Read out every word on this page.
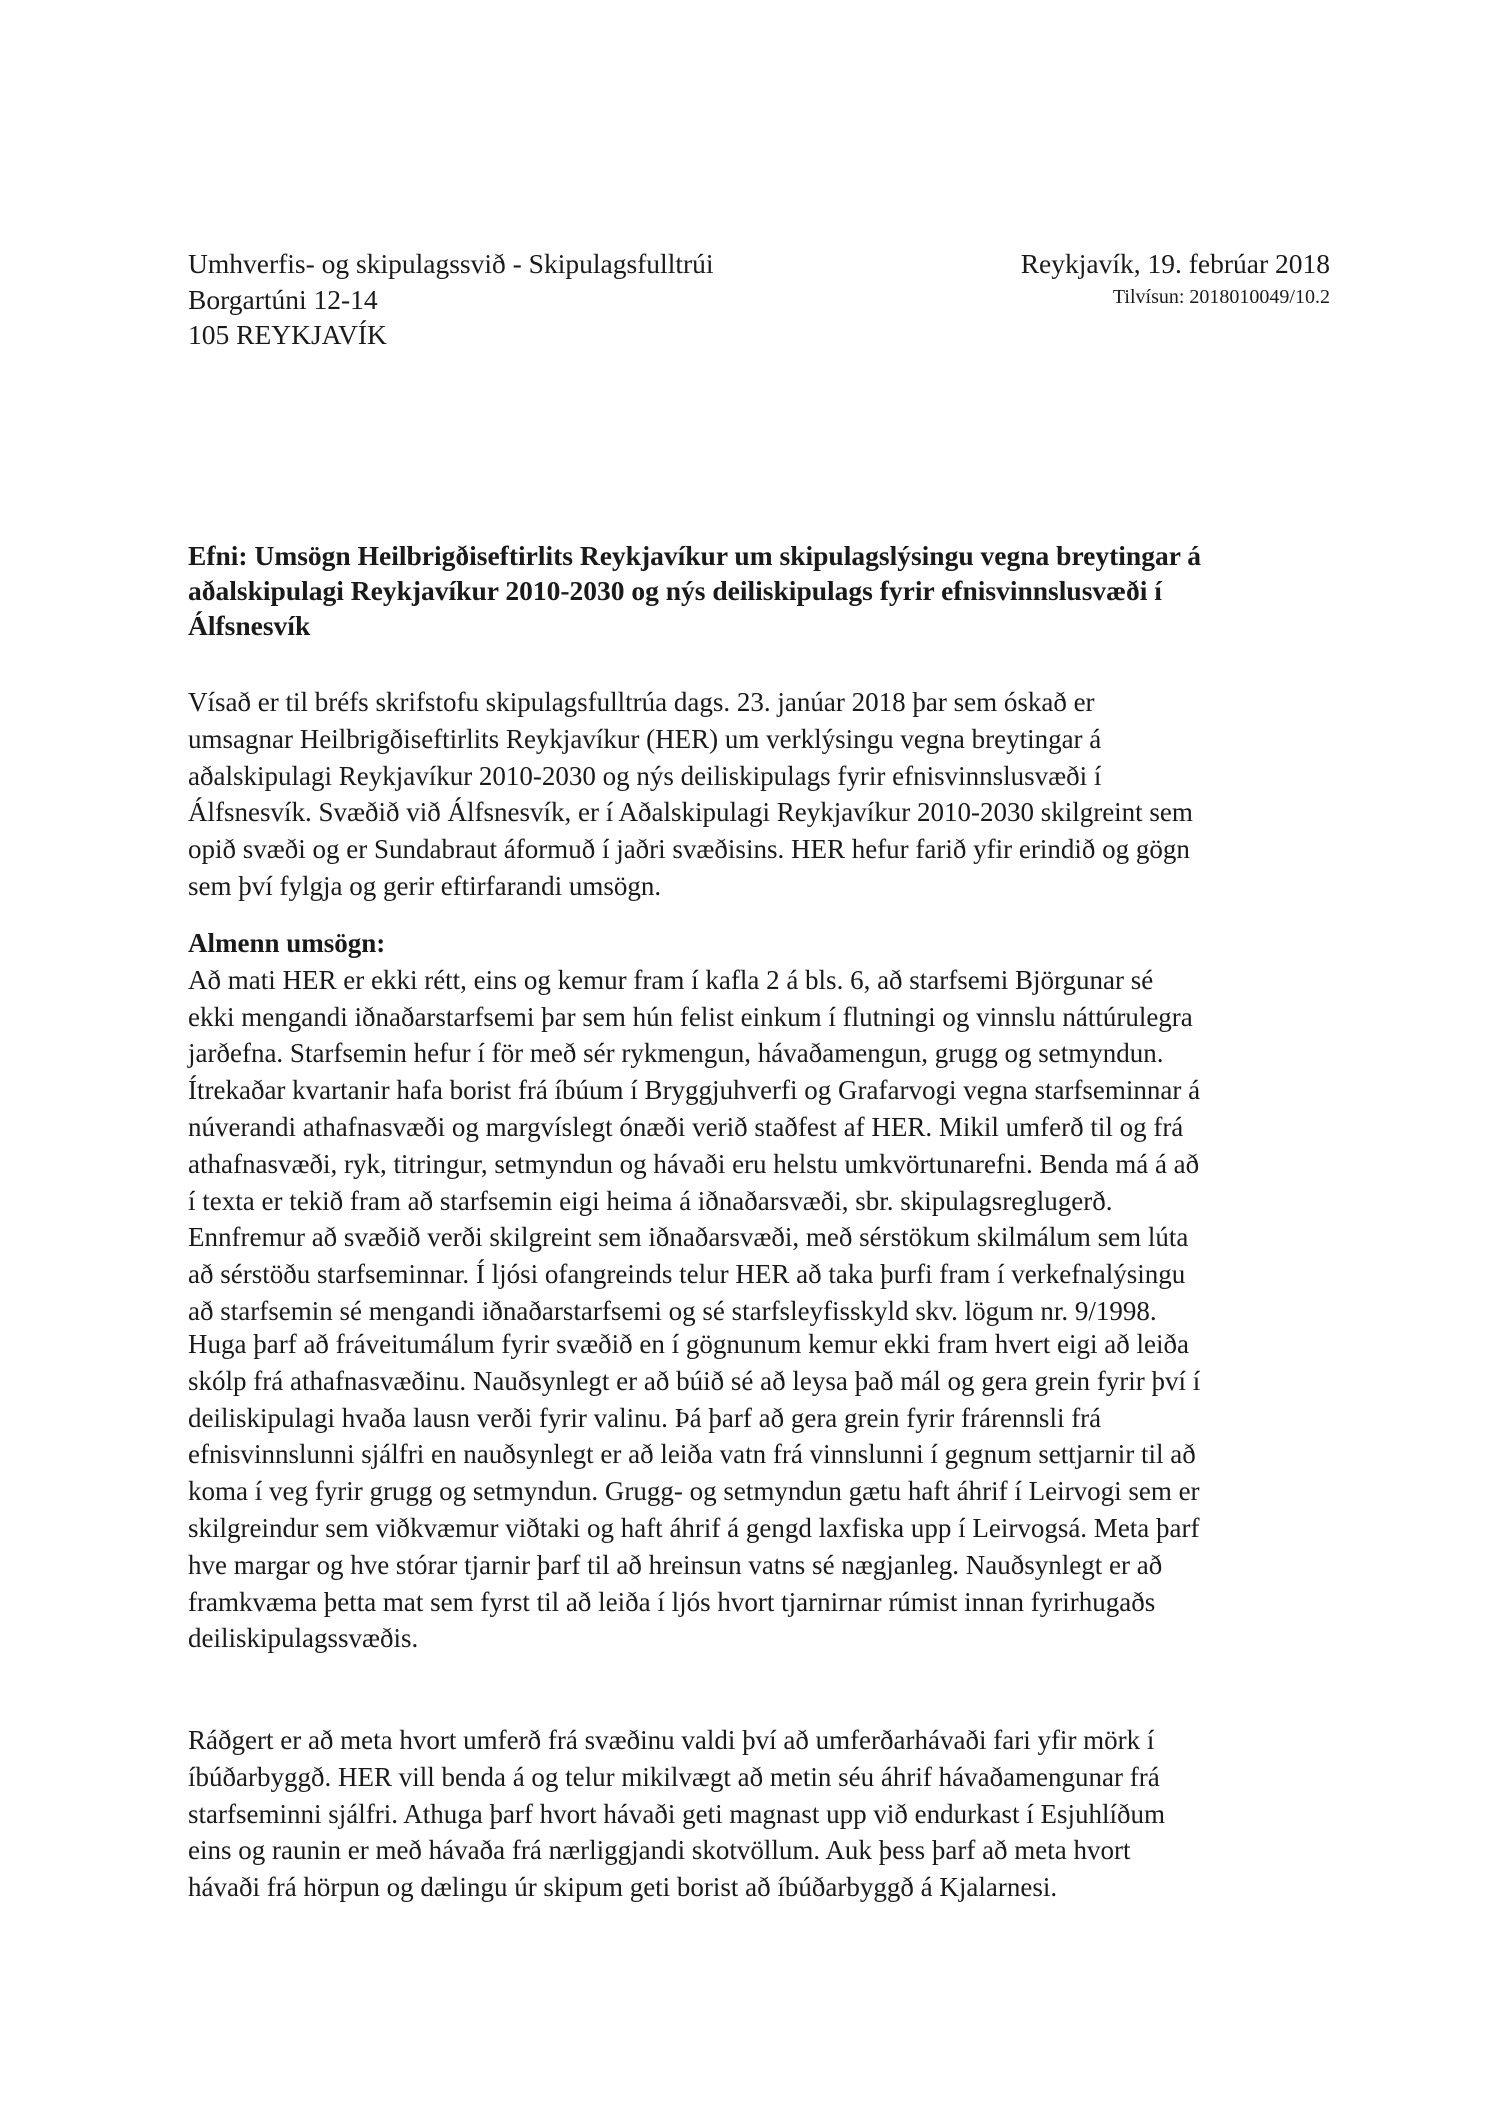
Umhverfis- og skipulagssvið - Skipulagsfulltrúi
Borgartúni 12-14
105 REYKJAVÍK
Reykjavík, 19. febrúar 2018
Tilvísun: 2018010049/10.2
Efni: Umsögn Heilbrigðiseftirlits Reykjavíkur um skipulagslýsingu vegna breytingar á
aðalskipulagi Reykjavíkur 2010-2030 og nýs deiliskipulags fyrir efnisvinnslusvæði í
Álfsnesvík
Vísað er til bréfs skrifstofu skipulagsfulltrúa dags. 23. janúar 2018 þar sem óskað er
umsagnar Heilbrigðiseftirlits Reykjavíkur (HER) um verklýsingu vegna breytingar á
aðalskipulagi Reykjavíkur 2010-2030 og nýs deiliskipulags fyrir efnisvinnslusvæði í
Álfsnesvík. Svæðið við Álfsnesvík, er í Aðalskipulagi Reykjavíkur 2010-2030 skilgreint sem
opið svæði og er Sundabraut áformuð í jaðri svæðisins. HER hefur farið yfir erindið og gögn
sem því fylgja og gerir eftirfarandi umsögn.
Almenn umsögn:
Að mati HER er ekki rétt, eins og kemur fram í kafla 2 á bls. 6, að starfsemi Björgunar sé
ekki mengandi iðnaðarstarfsemi þar sem hún felist einkum í flutningi og vinnslu náttúrulegra
jarðefna. Starfsemin hefur í för með sér rykmengun, hávaðamengun, grugg og setmyndun.
Ítrekaðar kvartanir hafa borist frá íbúum í Bryggjuhverfi og Grafarvogi vegna starfseminnar á
núverandi athafnasvæði og margvíslegt ónæði verið staðfest af HER. Mikil umferð til og frá
athafnasvæði, ryk, titringur, setmyndun og hávaði eru helstu umkvörtunarefni. Benda má á að
í texta er tekið fram að starfsemin eigi heima á iðnaðarsvæði, sbr. skipulagsreglugerð.
Ennfremur að svæðið verði skilgreint sem iðnaðarsvæði, með sérstökum skilmálum sem lúta
að sérstöðu starfseminnar. Í ljósi ofangreinds telur HER að taka þurfi fram í verkefnalýsingu
að starfsemin sé mengandi iðnaðarstarfsemi og sé starfsleyfisskyld skv. lögum nr. 9/1998.
Huga þarf að fráveitumálum fyrir svæðið en í gögnunum kemur ekki fram hvert eigi að leiða
skólp frá athafnasvæðinu. Nauðsynlegt er að búið sé að leysa það mál og gera grein fyrir því í
deiliskipulagi hvaða lausn verði fyrir valinu. Þá þarf að gera grein fyrir frárennsli frá
efnisvinnslunni sjálfri en nauðsynlegt er að leiða vatn frá vinnslunni í gegnum settjarnir til að
koma í veg fyrir grugg og setmyndun. Grugg- og setmyndun gætu haft áhrif í Leirvogi sem er
skilgreindur sem viðkvæmur viðtaki og haft áhrif á gengd laxfiska upp í Leirvogsá. Meta þarf
hve margar og hve stórar tjarnir þarf til að hreinsun vatns sé nægjanleg. Nauðsynlegt er að
framkvæma þetta mat sem fyrst til að leiða í ljós hvort tjarnirnar rúmist innan fyrirhugaðs
deiliskipulagssvæðis.
Ráðgert er að meta hvort umferð frá svæðinu valdi því að umferðarhávaði fari yfir mörk í
íbúðarbyggð. HER vill benda á og telur mikilvægt að metin séu áhrif hávaðamengunar frá
starfseminni sjálfri. Athuga þarf hvort hávaði geti magnast upp við endurkast í Esjuhlíðum
eins og raunin er með hávaða frá nærliggjandi skotvöllum. Auk þess þarf að meta hvort
hávaði frá hörpun og dælingu úr skipum geti borist að íbúðarbyggð á Kjalarnesi.
